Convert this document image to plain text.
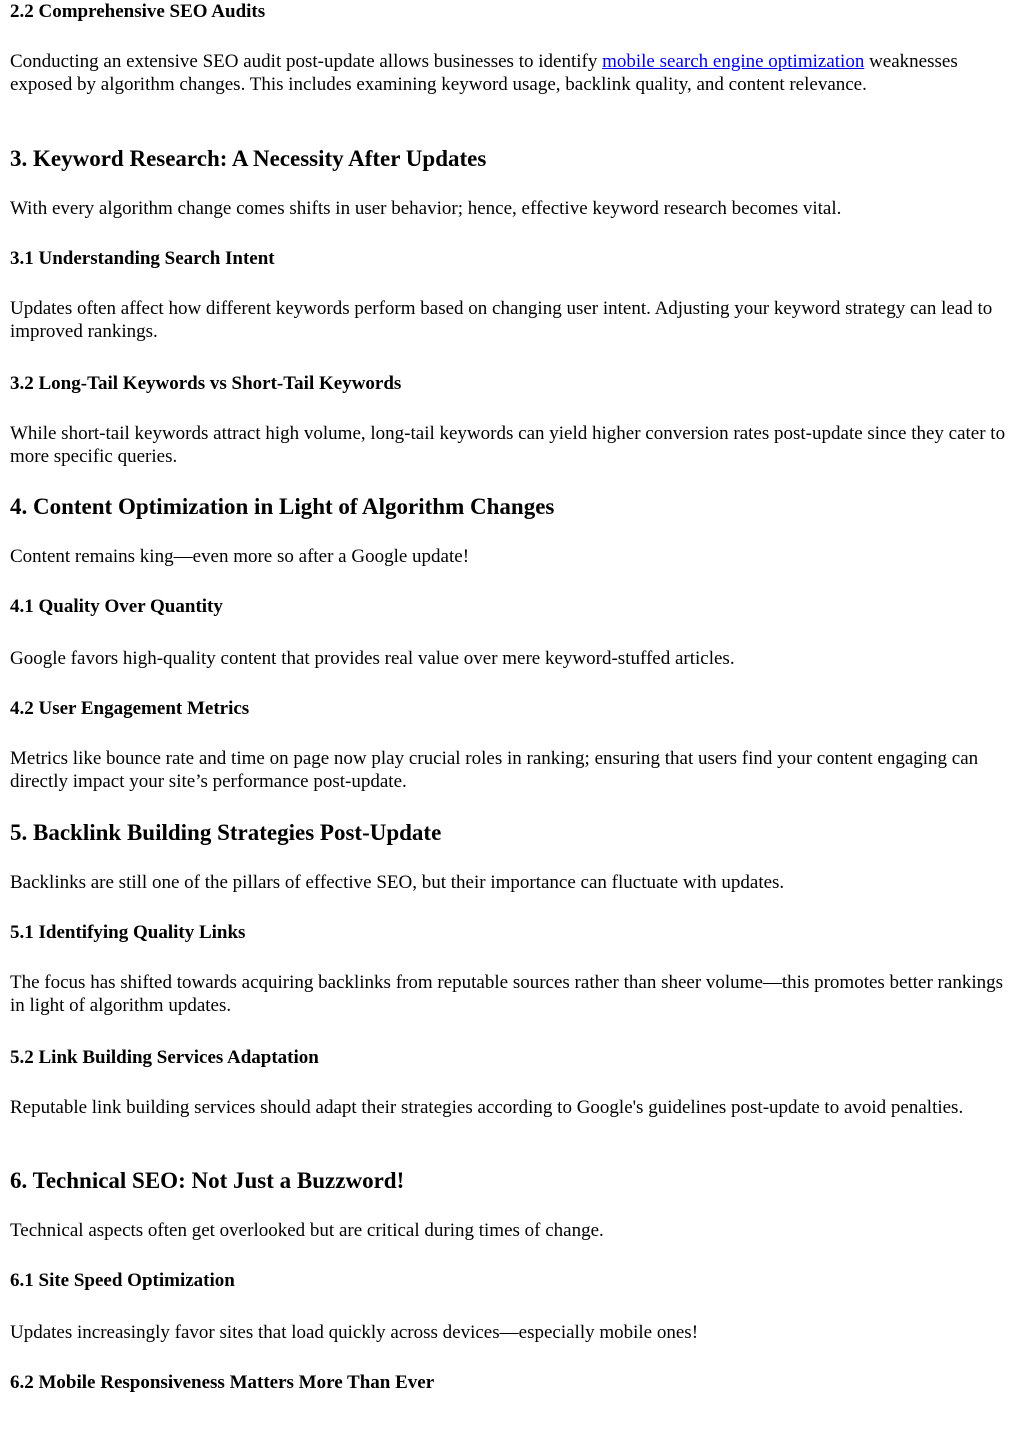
2.2 Comprehensive SEO Audits

Conducting an extensive SEO audit post-update allows businesses to identify mobile search engine optimization weaknesses exposed by algorithm changes. This includes examining keyword usage, backlink quality, and content relevance.

3. Keyword Research: A Necessity After Updates

With every algorithm change comes shifts in user behavior; hence, effective keyword research becomes vital.

3.1 Understanding Search Intent

Updates often affect how different keywords perform based on changing user intent. Adjusting your keyword strategy can lead to improved rankings.

3.2 Long-Tail Keywords vs Short-Tail Keywords

While short-tail keywords attract high volume, long-tail keywords can yield higher conversion rates post-update since they cater to more specific queries.

4. Content Optimization in Light of Algorithm Changes

Content remains king—even more so after a Google update!

4.1 Quality Over Quantity

Google favors high-quality content that provides real value over mere keyword-stuffed articles.

4.2 User Engagement Metrics

Metrics like bounce rate and time on page now play crucial roles in ranking; ensuring that users find your content engaging can directly impact your site’s performance post-update.

5. Backlink Building Strategies Post-Update

Backlinks are still one of the pillars of effective SEO, but their importance can fluctuate with updates.

5.1 Identifying Quality Links

The focus has shifted towards acquiring backlinks from reputable sources rather than sheer volume—this promotes better rankings in light of algorithm updates.

5.2 Link Building Services Adaptation

Reputable link building services should adapt their strategies according to Google's guidelines post-update to avoid penalties.

6. Technical SEO: Not Just a Buzzword!

Technical aspects often get overlooked but are critical during times of change.

6.1 Site Speed Optimization

Updates increasingly favor sites that load quickly across devices—especially mobile ones!

6.2 Mobile Responsiveness Matters More Than Ever
